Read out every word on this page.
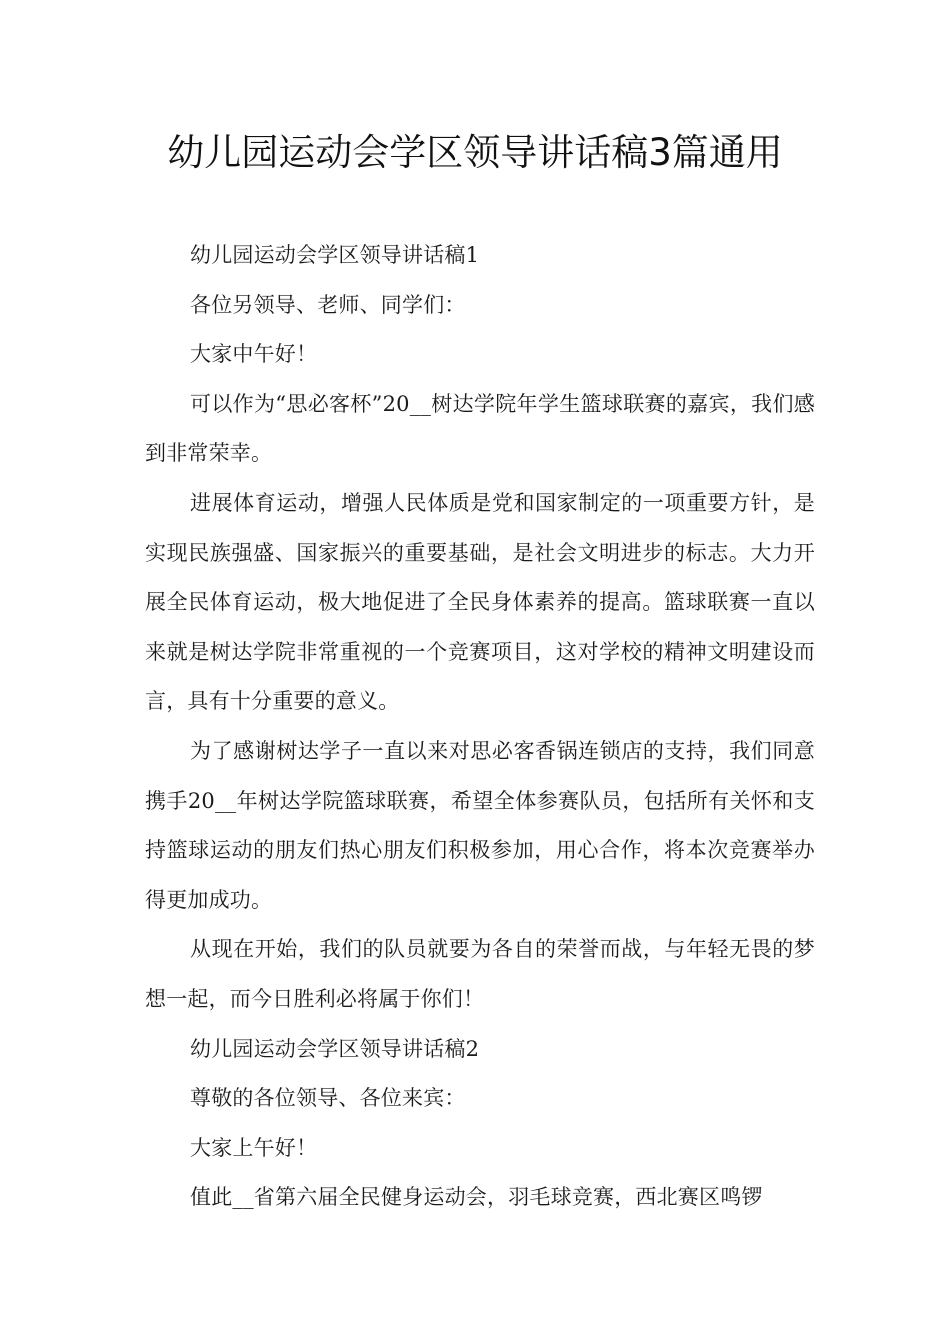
幼儿园运动会学区领导讲话稿3篇通用

幼儿园运动会学区领导讲话稿1

各位另领导、老师、同学们：

大家中午好！

可以作为“思必客杯”20__树达学院年学生篮球联赛的嘉宾，我们感到非常荣幸。

进展体育运动，增强人民体质是党和国家制定的一项重要方针，是实现民族强盛、国家振兴的重要基础，是社会文明进步的标志。大力开展全民体育运动，极大地促进了全民身体素养的提高。篮球联赛一直以来就是树达学院非常重视的一个竞赛项目，这对学校的精神文明建设而言，具有十分重要的意义。

为了感谢树达学子一直以来对思必客香锅连锁店的支持，我们同意携手20__年树达学院篮球联赛，希望全体参赛队员，包括所有关怀和支持篮球运动的朋友们热心朋友们积极参加，用心合作，将本次竞赛举办得更加成功。

从现在开始，我们的队员就要为各自的荣誉而战，与年轻无畏的梦想一起，而今日胜利必将属于你们！

幼儿园运动会学区领导讲话稿2

尊敬的各位领导、各位来宾：

大家上午好！

值此__省第六届全民健身运动会，羽毛球竞赛，西北赛区鸣锣
